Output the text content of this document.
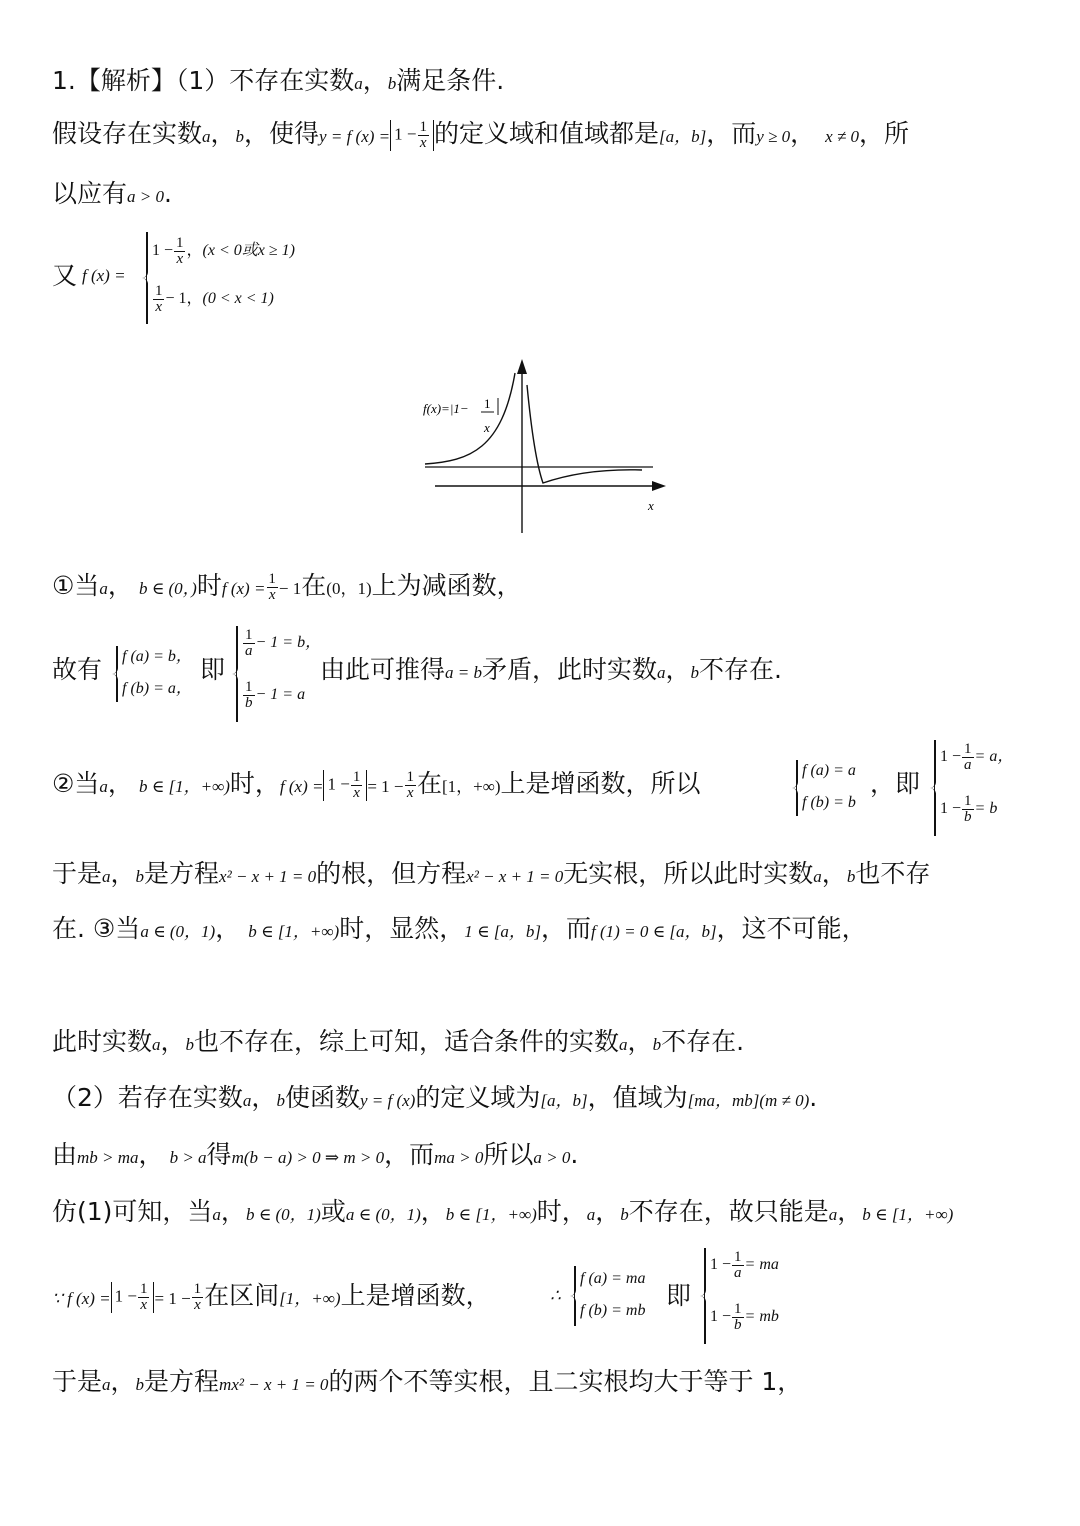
1.【解析】（1）不存在实数a，b满足条件.
假设存在实数a，b，使得y = f $(x) = 1 - \frac{1}{x}$ 的定义域和值域都是[a，b]，而y ≥ 0， x ≠ 0，所
以应有a > 0.
又 f (x) =
$1 - \frac{1}{x}$ ，(x < 0或x ≥ 1)
$\frac{1}{x} - 1$，(0 < x < 1)
f(x)=|1− 1
x
x
①当a， b ∈ (0，)时f $(x) = \frac{1}{x} - 1$在(0，1)上为减函数，
故有 f (a) = b，
f (b) = a，
即
$\frac{1}{a} - 1 = b$，
$\frac{1}{b} - 1 = a$
由此可推得a = b矛盾，此时实数a，b不存在.
②当a， b ∈ [1，+∞)时，f $(x) = 1 - \frac{1}{x} = 1 - \frac{1}{x}$ 在[1，+∞)上是增函数，所以	f (a) = a
f (b) = b
，即
$1 - \frac{1}{a} = a$，
$1 - \frac{1}{b} = b$
于是a，b是方程x² − x + 1 = 0的根，但方程x² − x + 1 = 0无实根，所以此时实数a，b也不存
在. ③当a ∈ (0，1)， b ∈ [1，+∞)时，显然，1 ∈ [a，b]，而f (1) = 0 ∈ [a，b]，这不可能，
此时实数a，b也不存在，综上可知，适合条件的实数a，b不存在.
（2）若存在实数a，b使函数y = f (x)的定义域为[a，b]，值域为[ma，mb](m ≠ 0).
由mb > ma， b > a得m(b − a) > 0 ⇒ m > 0，而ma > 0所以a > 0.
仿(1)可知，当a，b ∈ (0，1)或a ∈ (0，1)，b ∈ [1，+∞)时，a，b不存在，故只能是a，b ∈ [1，+∞)
∵ f $(x) = 1 - \frac{1}{x} = 1 - \frac{1}{x}$ 在区间[1，+∞)上是增函数，	∴
f (a) = ma
f (b) = mb
即
$1 - \frac{1}{a}$ = ma
$1 - \frac{1}{b}$ = mb
于是a，b是方程mx² − x + 1 = 0的两个不等实根，且二实根均大于等于 1，
